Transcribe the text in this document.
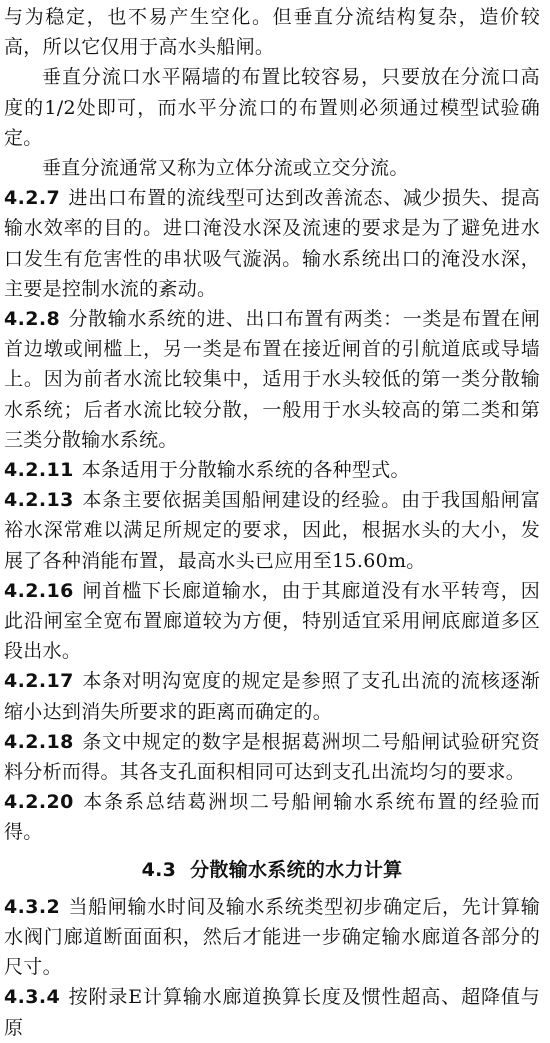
与为稳定，也不易产生空化。但垂直分流结构复杂，造价较高，所以它仅用于高水头船闸。

垂直分流口水平隔墙的布置比较容易，只要放在分流口高度的1/2处即可，而水平分流口的布置则必须通过模型试验确定。

垂直分流通常又称为立体分流或立交分流。

4.2.7 进出口布置的流线型可达到改善流态、减少损失、提高输水效率的目的。进口淹没水深及流速的要求是为了避免进水口发生有危害性的串状吸气漩涡。输水系统出口的淹没水深，主要是控制水流的紊动。

4.2.8 分散输水系统的进、出口布置有两类：一类是布置在闸首边墩或闸槛上，另一类是布置在接近闸首的引航道底或导墙上。因为前者水流比较集中，适用于水头较低的第一类分散输水系统；后者水流比较分散，一般用于水头较高的第二类和第三类分散输水系统。

4.2.11 本条适用于分散输水系统的各种型式。

4.2.13 本条主要依据美国船闸建设的经验。由于我国船闸富裕水深常难以满足所规定的要求，因此，根据水头的大小，发展了各种消能布置，最高水头已应用至15.60m。

4.2.16 闸首槛下长廊道输水，由于其廊道没有水平转弯，因此沿闸室全宽布置廊道较为方便，特别适宜采用闸底廊道多区段出水。

4.2.17 本条对明沟宽度的规定是参照了支孔出流的流核逐渐缩小达到消失所要求的距离而确定的。

4.2.18 条文中规定的数字是根据葛洲坝二号船闸试验研究资料分析而得。其各支孔面积相同可达到支孔出流均匀的要求。

4.2.20 本条系总结葛洲坝二号船闸输水系统布置的经验而得。

4.3 分散输水系统的水力计算

4.3.2 当船闸输水时间及输水系统类型初步确定后，先计算输水阀门廊道断面面积，然后才能进一步确定输水廊道各部分的尺寸。

4.3.4 按附录E计算输水廊道换算长度及惯性超高、超降值与原
